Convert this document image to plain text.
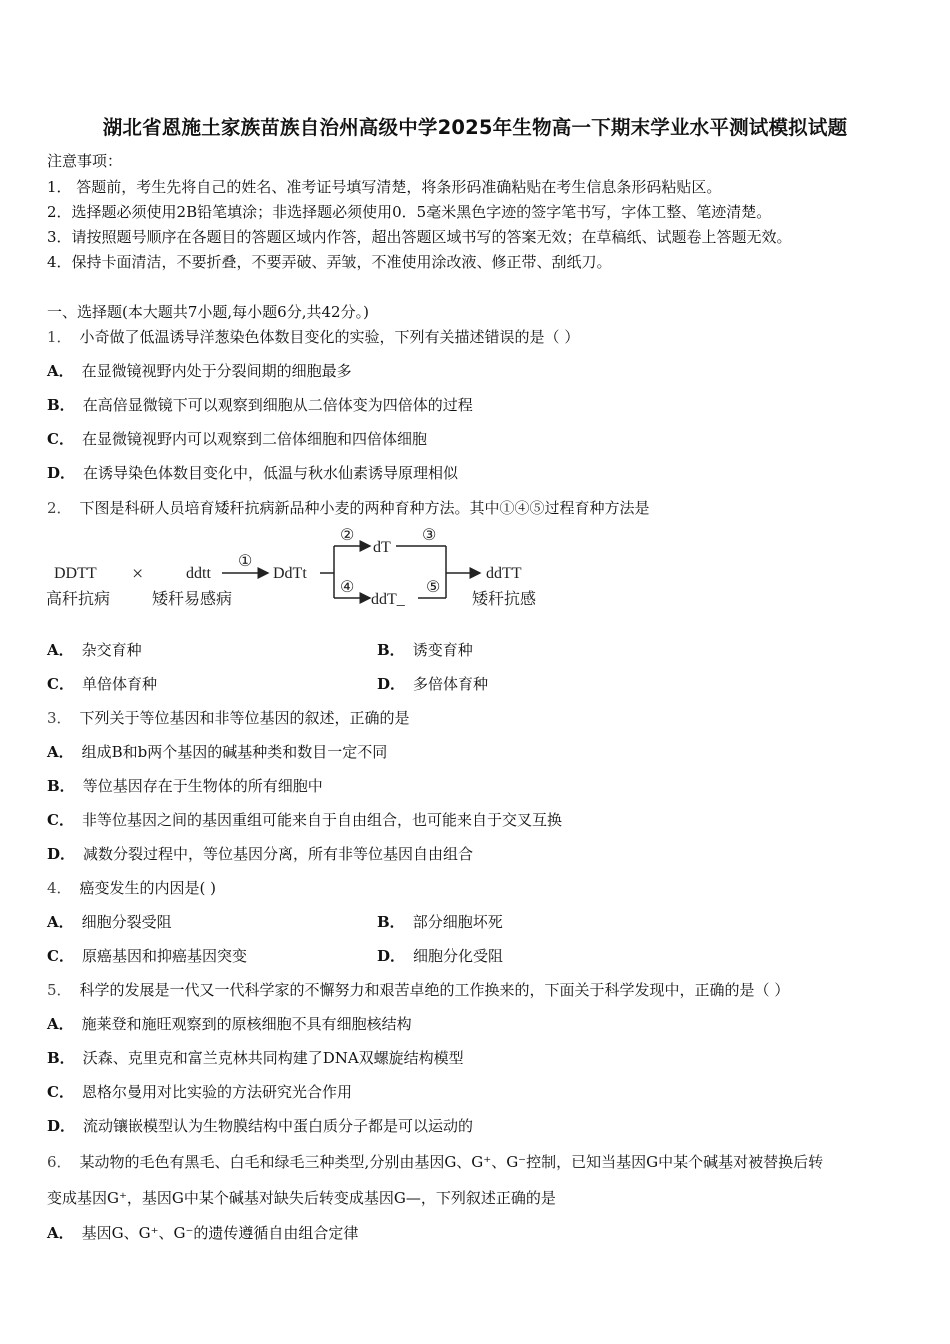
湖北省恩施土家族苗族自治州高级中学2025年生物高一下期末学业水平测试模拟试题
注意事项：
1． 答题前，考生先将自己的姓名、准考证号填写清楚，将条形码准确粘贴在考生信息条形码粘贴区。
2．选择题必须使用2B铅笔填涂；非选择题必须使用0．5毫米黑色字迹的签字笔书写，字体工整、笔迹清楚。
3．请按照题号顺序在各题目的答题区域内作答，超出答题区域书写的答案无效；在草稿纸、试题卷上答题无效。
4．保持卡面清洁，不要折叠，不要弄破、弄皱，不准使用涂改液、修正带、刮纸刀。
一、选择题(本大题共7小题,每小题6分,共42分。)
1． 小奇做了低温诱导洋葱染色体数目变化的实验，下列有关描述错误的是（ ）
A． 在显微镜视野内处于分裂间期的细胞最多
B． 在高倍显微镜下可以观察到细胞从二倍体变为四倍体的过程
C． 在显微镜视野内可以观察到二倍体细胞和四倍体细胞
D． 在诱导染色体数目变化中，低温与秋水仙素诱导原理相似
2． 下图是科研人员培育矮秆抗病新品种小麦的两种育种方法。其中①④⑤过程育种方法是
DDTT
高秆抗病
×	ddtt
矮秆易感病
①
DdTt
②
④
dT
ddT_
③
⑤
ddTT
矮秆抗感
A． 杂交育种	B． 诱变育种
C． 单倍体育种	D． 多倍体育种
3． 下列关于等位基因和非等位基因的叙述，正确的是
A． 组成B和b两个基因的碱基种类和数目一定不同
B． 等位基因存在于生物体的所有细胞中
C． 非等位基因之间的基因重组可能来自于自由组合，也可能来自于交叉互换
D． 减数分裂过程中，等位基因分离，所有非等位基因自由组合
4． 癌变发生的内因是( )
A． 细胞分裂受阻	B． 部分细胞坏死
C． 原癌基因和抑癌基因突变	D． 细胞分化受阻
5． 科学的发展是一代又一代科学家的不懈努力和艰苦卓绝的工作换来的，下面关于科学发现中，正确的是（ ）
A． 施莱登和施旺观察到的原核细胞不具有细胞核结构
B． 沃森、克里克和富兰克林共同构建了DNA双螺旋结构模型
C． 恩格尔曼用对比实验的方法研究光合作用
D． 流动镶嵌模型认为生物膜结构中蛋白质分子都是可以运动的
6． 某动物的毛色有黑毛、白毛和绿毛三种类型,分别由基因G、G⁺、G⁻控制，已知当基因G中某个碱基对被替换后转
变成基因G⁺，基因G中某个碱基对缺失后转变成基因G—，下列叙述正确的是
A． 基因G、G⁺、G⁻的遗传遵循自由组合定律
